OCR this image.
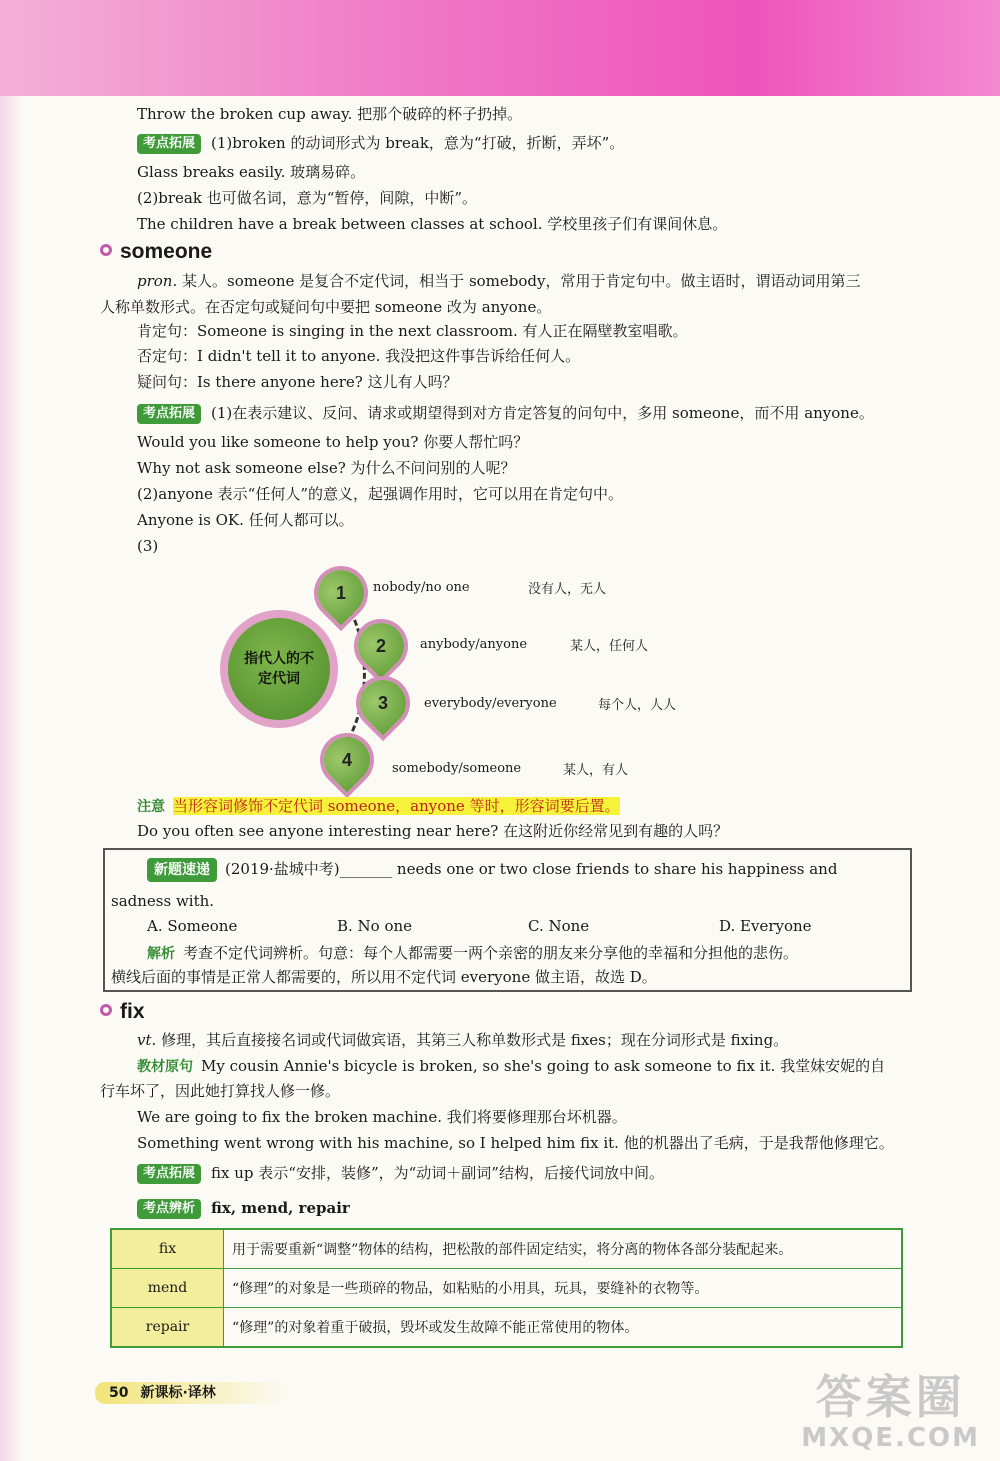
Throw the broken cup away. 把那个破碎的杯子扔掉。
考点拓展 (1)broken 的动词形式为 break，意为“打破，折断，弄坏”。
Glass breaks easily. 玻璃易碎。
(2)break 也可做名词，意为“暂停，间隙，中断”。
The children have a break between classes at school. 学校里孩子们有课间休息。
someone
pron. 某人。someone 是复合不定代词，相当于 somebody，常用于肯定句中。做主语时，谓语动词用第三
人称单数形式。在否定句或疑问句中要把 someone 改为 anyone。
肯定句：Someone is singing in the next classroom. 有人正在隔壁教室唱歌。
否定句：I didn't tell it to anyone. 我没把这件事告诉给任何人。
疑问句：Is there anyone here? 这儿有人吗？
考点拓展 (1)在表示建议、反问、请求或期望得到对方肯定答复的问句中，多用 someone，而不用 anyone。
Would you like someone to help you? 你要人帮忙吗？
Why not ask someone else? 为什么不问问别的人呢？
(2)anyone 表示“任何人”的意义，起强调作用时，它可以用在肯定句中。
Anyone is OK. 任何人都可以。
(3)
指代人的不定代词
1	nobody/no one	没有人，无人
2	anybody/anyone	某人，任何人
3	everybody/everyone	每个人，人人
4	somebody/someone	某人，有人
注意 当形容词修饰不定代词 someone，anyone 等时，形容词要后置。
Do you often see anyone interesting near here? 在这附近你经常见到有趣的人吗？
新题速递 (2019·盐城中考)_______ needs one or two close friends to share his happiness and
sadness with.
A. Someone	B. No one	C. None	D. Everyone
解析 考查不定代词辨析。句意：每个人都需要一两个亲密的朋友来分享他的幸福和分担他的悲伤。
横线后面的事情是正常人都需要的，所以用不定代词 everyone 做主语，故选 D。
fix
vt. 修理，其后直接接名词或代词做宾语，其第三人称单数形式是 fixes；现在分词形式是 fixing。
教材原句 My cousin Annie's bicycle is broken, so she's going to ask someone to fix it. 我堂妹安妮的自
行车坏了，因此她打算找人修一修。
We are going to fix the broken machine. 我们将要修理那台坏机器。
Something went wrong with his machine, so I helped him fix it. 他的机器出了毛病，于是我帮他修理它。
考点拓展 fix up 表示“安排，装修”，为“动词＋副词”结构，后接代词放中间。
考点辨析 fix, mend, repair
fix	用于需要重新“调整”物体的结构，把松散的部件固定结实，将分离的物体各部分装配起来。
mend	“修理”的对象是一些琐碎的物品，如粘贴的小用具，玩具，要缝补的衣物等。
repair	“修理”的对象着重于破损，毁坏或发生故障不能正常使用的物体。
50 新课标·译林	答案圈
MXQE.COM
